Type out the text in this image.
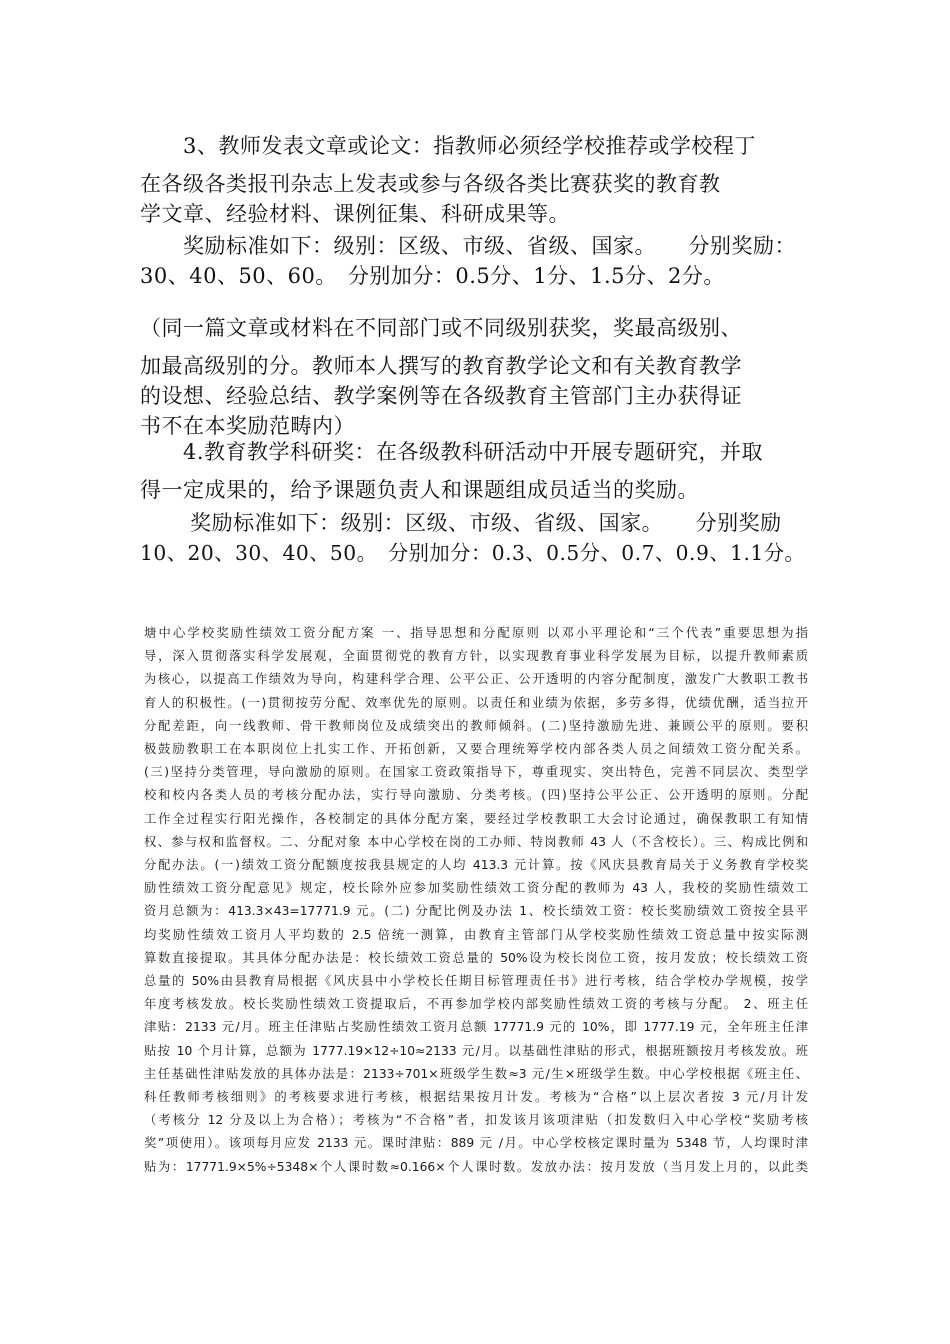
　　3、教师发表文章或论文：指教师必须经学校推荐或学校程丁
在各级各类报刊杂志上发表或参与各级各类比赛获奖的教育教
学文章、经验材料、课例征集、科研成果等。
　　奖励标准如下：级别：区级、市级、省级、国家。　　分别奖励：
30、40、50、60。　分别加分：0.5分、1分、1.5分、2分。
（同一篇文章或材料在不同部门或不同级别获奖，奖最高级别、
加最高级别的分。教师本人撰写的教育教学论文和有关教育教学
的设想、经验总结、教学案例等在各级教育主管部门主办获得证
书不在本奖励范畴内）
　　4.教育教学科研奖：在各级教科研活动中开展专题研究，并取
得一定成果的，给予课题负责人和课题组成员适当的奖励。
　　 奖励标准如下：级别：区级、市级、省级、国家。　　分别奖励
10、20、30、40、50。　分别加分：0.3、0.5分、0.7、0.9、1.1分。
塘中心学校奖励性绩效工资分配方案 一、指导思想和分配原则 以邓小平理论和“三个代表”重要思想为指
导，深入贯彻落实科学发展观，全面贯彻党的教育方针，以实现教育事业科学发展为目标，以提升教师素质
为核心，以提高工作绩效为导向，构建科学合理、公平公正、公开透明的内容分配制度，激发广大教职工教书
育人的积极性。(一)贯彻按劳分配、效率优先的原则。以责任和业绩为依据，多劳多得，优绩优酬，适当拉开
分配差距，向一线教师、骨干教师岗位及成绩突出的教师倾斜。(二)坚持激励先进、兼顾公平的原则。要积
极鼓励教职工在本职岗位上扎实工作、开拓创新，又要合理统筹学校内部各类人员之间绩效工资分配关系。
(三)坚持分类管理，导向激励的原则。在国家工资政策指导下，尊重现实、突出特色，完善不同层次、类型学
校和校内各类人员的考核分配办法，实行导向激励、分类考核。(四)坚持公平公正、公开透明的原则。分配
工作全过程实行阳光操作，各校制定的具体分配方案，要经过学校教职工大会讨论通过，确保教职工有知情
权、参与权和监督权。二、分配对象 本中心学校在岗的工办师、特岗教师 43 人（不含校长）。三、构成比例和
分配办法。(一)绩效工资分配额度按我县规定的人均 413.3 元计算。按《风庆县教育局关于义务教育学校奖
励性绩效工资分配意见》规定，校长除外应参加奖励性绩效工资分配的教师为 43 人，我校的奖励性绩效工
资月总额为：413.3×43=17771.9 元。(二) 分配比例及办法 1、校长绩效工资：校长奖励绩效工资按全县平
均奖励性绩效工资月人平均数的 2.5 倍统一测算，由教育主管部门从学校奖励性绩效工资总量中按实际测
算数直接提取。其具体分配办法是：校长绩效工资总量的 50%设为校长岗位工资，按月发放；校长绩效工资
总量的 50%由县教育局根据《风庆县中小学校长任期目标管理责任书》进行考核，结合学校办学规模，按学
年度考核发放。校长奖励性绩效工资提取后，不再参加学校内部奖励性绩效工资的考核与分配。 2、班主任
津贴：2133 元/月。班主任津贴占奖励性绩效工资月总额 17771.9 元的 10%，即 1777.19 元，全年班主任津
贴按 10 个月计算，总额为 1777.19×12÷10≈2133 元/月。以基础性津贴的形式，根据班额按月考核发放。班
主任基础性津贴发放的具体办法是：2133÷701×班级学生数≈3 元/生×班级学生数。中心学校根据《班主任、
科任教师考核细则》的考核要求进行考核，根据结果按月计发。考核为“合格”以上层次者按 3 元/月计发
（考核分 12 分及以上为合格）；考核为“不合格”者，扣发该月该项津贴（扣发数归入中心学校“奖励考核
奖”项使用）。该项每月应发 2133 元。课时津贴：889 元 /月。中心学校核定课时量为 5348 节，人均课时津
贴为：17771.9×5%÷5348×个人课时数≈0.166×个人课时数。发放办法：按月发放（当月发上月的，以此类
